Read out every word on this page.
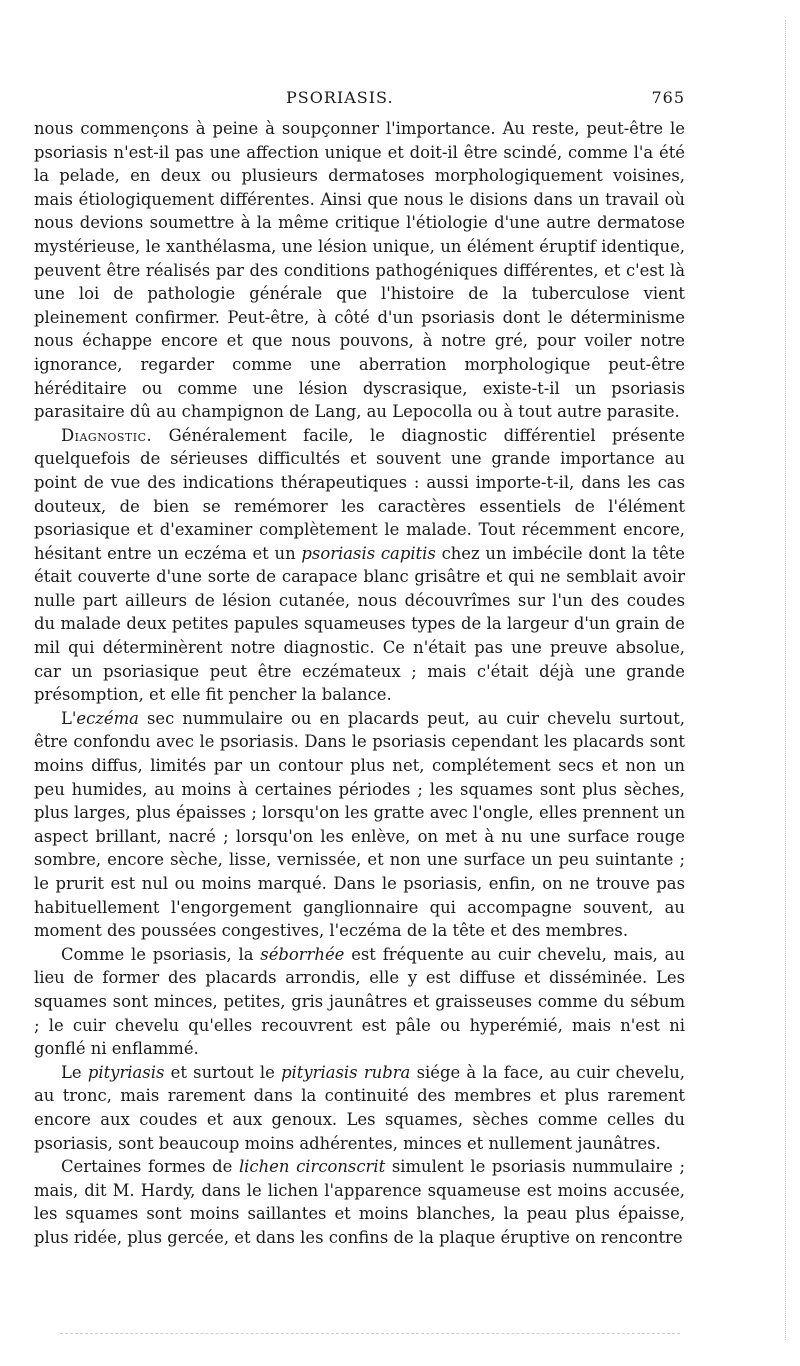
PSORIASIS.	765

nous commençons à peine à soupçonner l'importance. Au reste, peut-être le psoriasis n'est-il pas une affection unique et doit-il être scindé, comme l'a été la pelade, en deux ou plusieurs dermatoses morphologiquement voisines, mais étiologiquement différentes. Ainsi que nous le disions dans un travail où nous devions soumettre à la même critique l'étiologie d'une autre dermatose mystérieuse, le xanthélasma, une lésion unique, un élément éruptif identique, peuvent être réalisés par des conditions pathogéniques différentes, et c'est là une loi de pathologie générale que l'histoire de la tuberculose vient pleinement confirmer. Peut-être, à côté d'un psoriasis dont le déterminisme nous échappe encore et que nous pouvons, à notre gré, pour voiler notre ignorance, regarder comme une aberration morphologique peut-être héréditaire ou comme une lésion dyscrasique, existe-t-il un psoriasis parasitaire dû au champignon de Lang, au Lepocolla ou à tout autre parasite.

Diagnostic. Généralement facile, le diagnostic différentiel présente quelquefois de sérieuses difficultés et souvent une grande importance au point de vue des indications thérapeutiques : aussi importe-t-il, dans les cas douteux, de bien se remémorer les caractères essentiels de l'élément psoriasique et d'examiner complètement le malade. Tout récemment encore, hésitant entre un eczéma et un psoriasis capitis chez un imbécile dont la tête était couverte d'une sorte de carapace blanc grisâtre et qui ne semblait avoir nulle part ailleurs de lésion cutanée, nous découvrîmes sur l'un des coudes du malade deux petites papules squameuses types de la largeur d'un grain de mil qui déterminèrent notre diagnostic. Ce n'était pas une preuve absolue, car un psoriasique peut être eczémateux ; mais c'était déjà une grande présomption, et elle fit pencher la balance.

L'eczéma sec nummulaire ou en placards peut, au cuir chevelu surtout, être confondu avec le psoriasis. Dans le psoriasis cependant les placards sont moins diffus, limités par un contour plus net, complétement secs et non un peu humides, au moins à certaines périodes ; les squames sont plus sèches, plus larges, plus épaisses ; lorsqu'on les gratte avec l'ongle, elles prennent un aspect brillant, nacré ; lorsqu'on les enlève, on met à nu une surface rouge sombre, encore sèche, lisse, vernissée, et non une surface un peu suintante ; le prurit est nul ou moins marqué. Dans le psoriasis, enfin, on ne trouve pas habituellement l'engorgement ganglionnaire qui accompagne souvent, au moment des poussées congestives, l'eczéma de la tête et des membres.

Comme le psoriasis, la séborrhée est fréquente au cuir chevelu, mais, au lieu de former des placards arrondis, elle y est diffuse et disséminée. Les squames sont minces, petites, gris jaunâtres et graisseuses comme du sébum ; le cuir chevelu qu'elles recouvrent est pâle ou hyperémié, mais n'est ni gonflé ni enflammé.

Le pityriasis et surtout le pityriasis rubra siége à la face, au cuir chevelu, au tronc, mais rarement dans la continuité des membres et plus rarement encore aux coudes et aux genoux. Les squames, sèches comme celles du psoriasis, sont beaucoup moins adhérentes, minces et nullement jaunâtres.

Certaines formes de lichen circonscrit simulent le psoriasis nummulaire ; mais, dit M. Hardy, dans le lichen l'apparence squameuse est moins accusée, les squames sont moins saillantes et moins blanches, la peau plus épaisse, plus ridée, plus gercée, et dans les confins de la plaque éruptive on rencontre
